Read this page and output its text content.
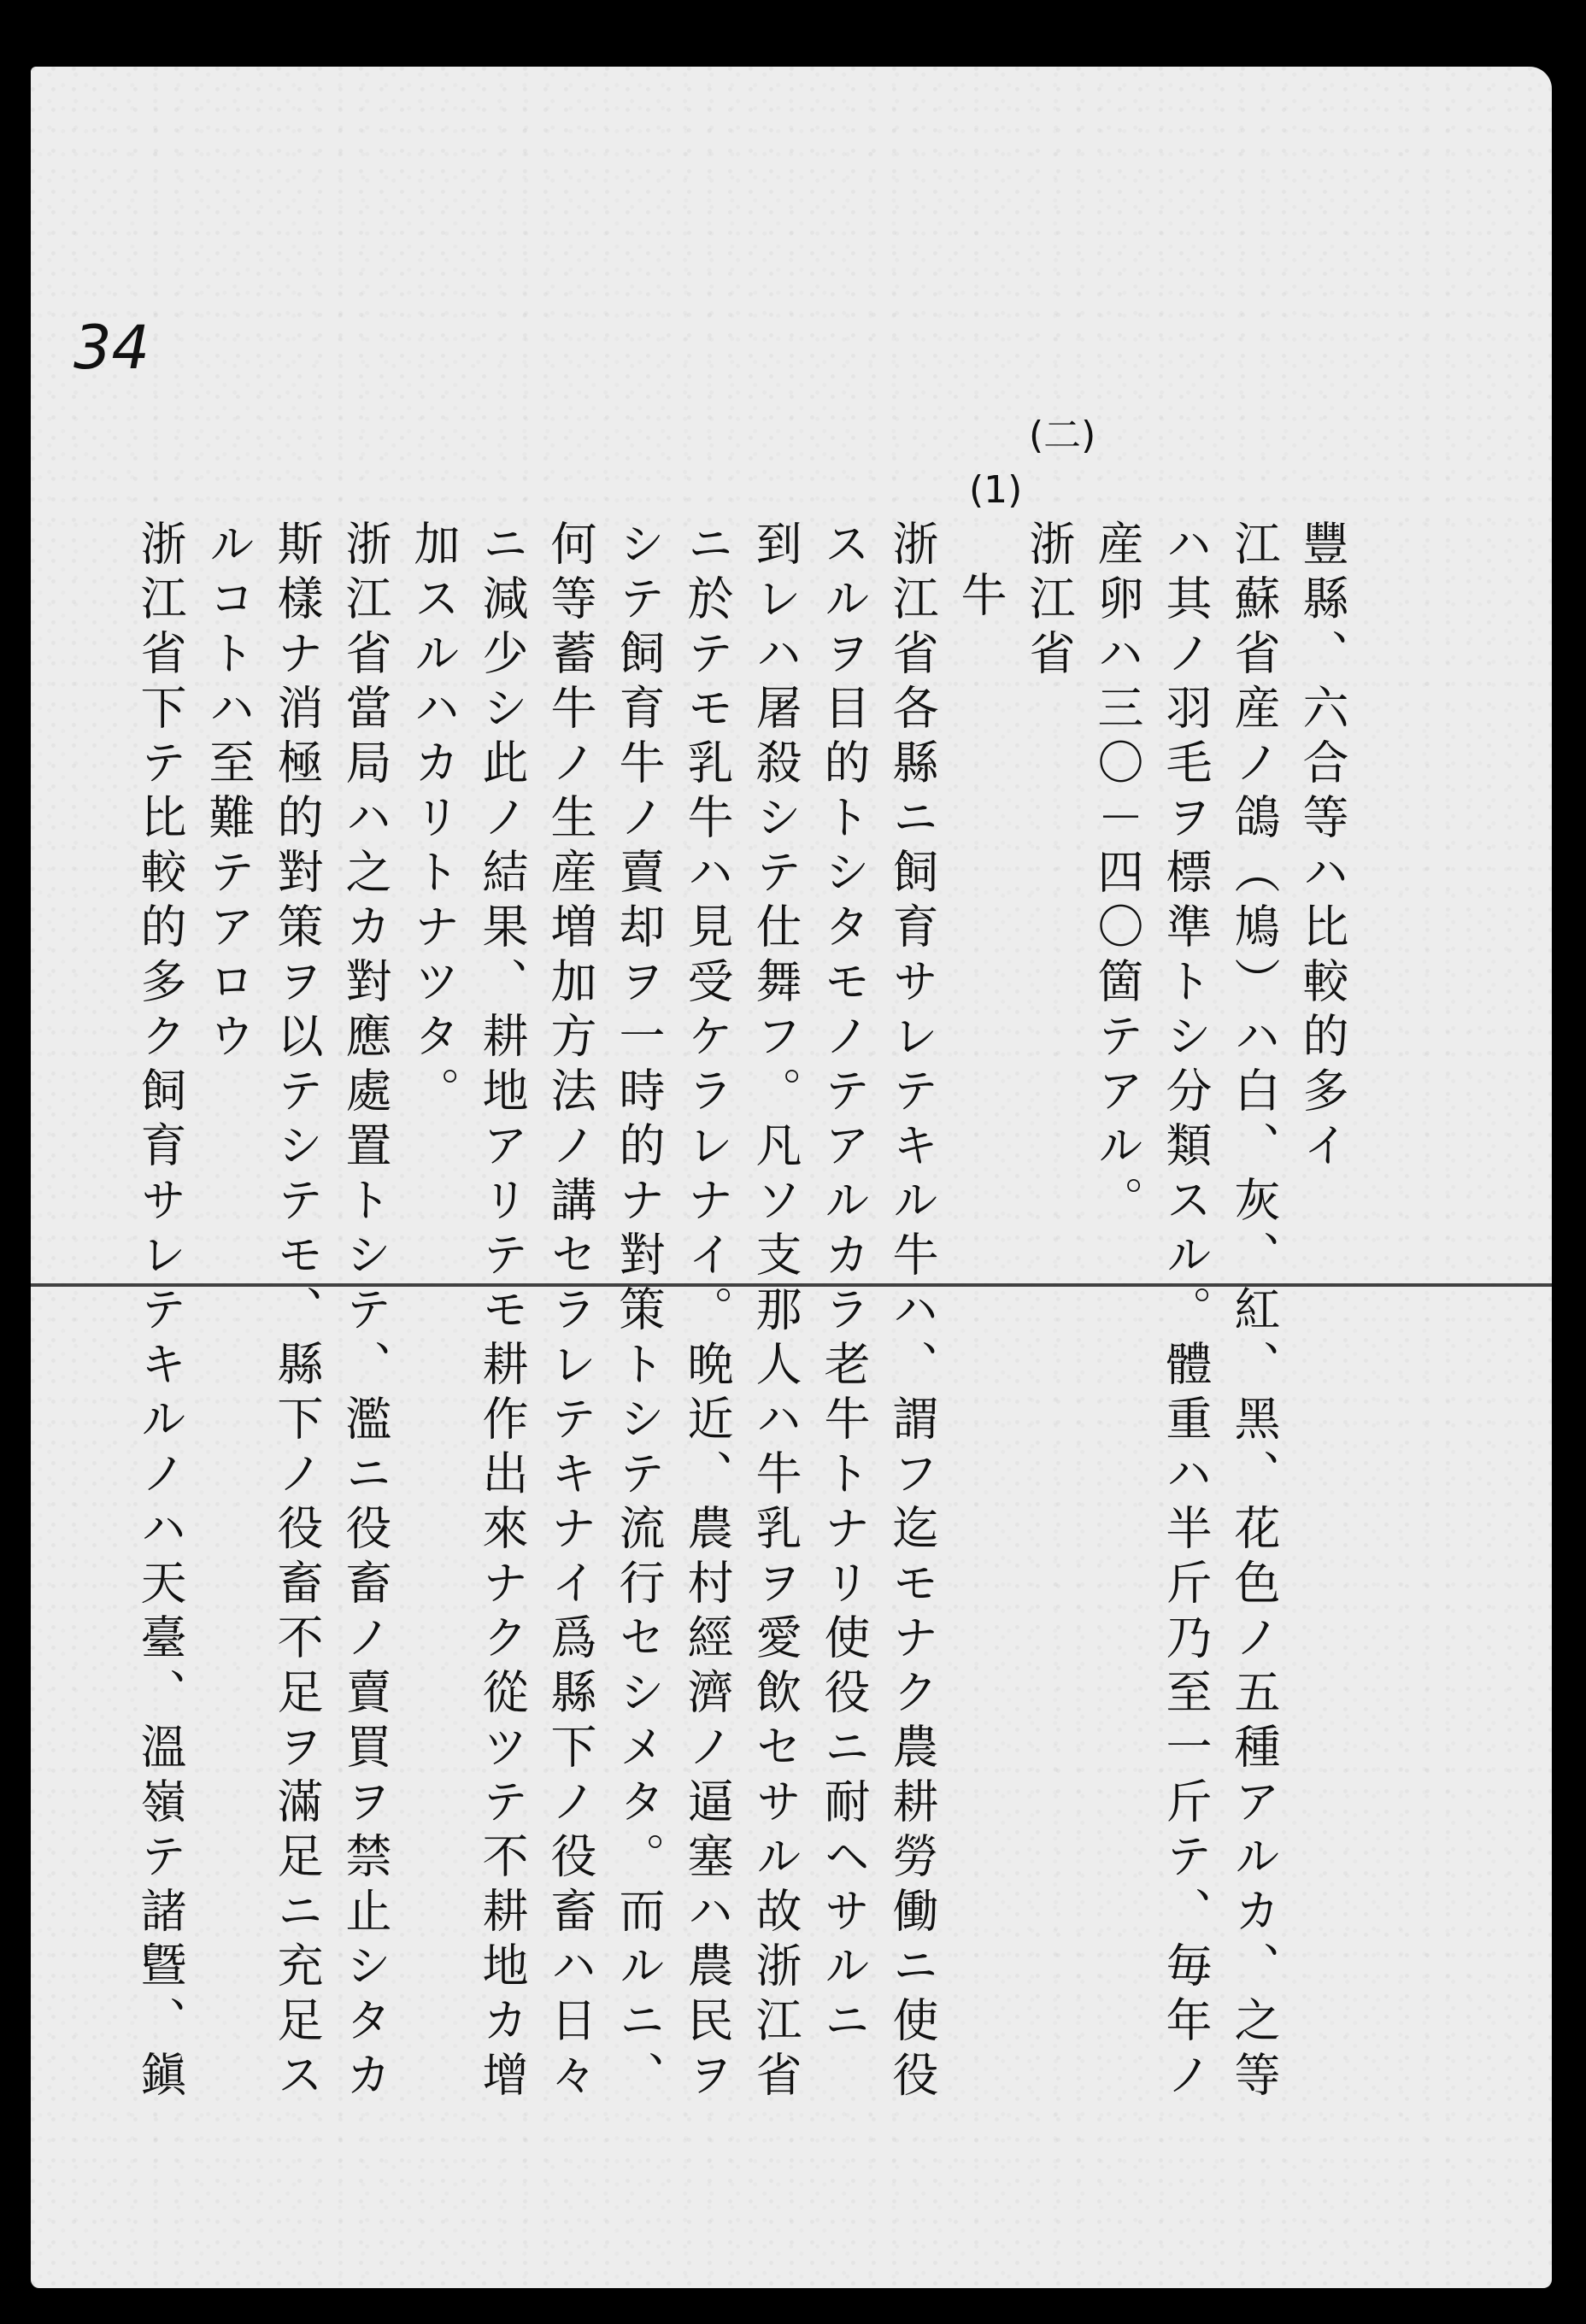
34
(二)
(1)
豐縣、六合等ハ比較的多イ
江蘇省産ノ鴿（鳩）ハ白、灰、紅、黑、花色ノ五種アルカ、之等
ハ其ノ羽毛ヲ標準トシ分類スル。體重ハ半斤乃至一斤テ、毎年ノ
産卵ハ三〇－四〇箇テアル。
浙江省
牛
浙江省各縣ニ飼育サレテキル牛ハ、謂フ迄モナク農耕勞働ニ使役
スルヲ目的トシタモノテアルカラ老牛トナリ使役ニ耐ヘサルニ
到レハ屠殺シテ仕舞フ。凡ソ支那人ハ牛乳ヲ愛飲セサル故浙江省
ニ於テモ乳牛ハ見受ケラレナイ。晩近、農村經濟ノ逼塞ハ農民ヲ
シテ飼育牛ノ賣却ヲ一時的ナ對策トシテ流行セシメタ。而ルニ、
何等蓄牛ノ生産増加方法ノ講セラレテキナイ爲縣下ノ役畜ハ日々
ニ減少シ此ノ結果、耕地アリテモ耕作出來ナク從ツテ不耕地カ增
加スルハカリトナツタ。
浙江省當局ハ之カ對應處置トシテ、濫ニ役畜ノ賣買ヲ禁止シタカ
斯樣ナ消極的對策ヲ以テシテモ、縣下ノ役畜不足ヲ滿足ニ充足ス
ルコトハ至難テアロウ
浙江省下テ比較的多ク飼育サレテキルノハ天臺、溫嶺テ諸曁、鎭
